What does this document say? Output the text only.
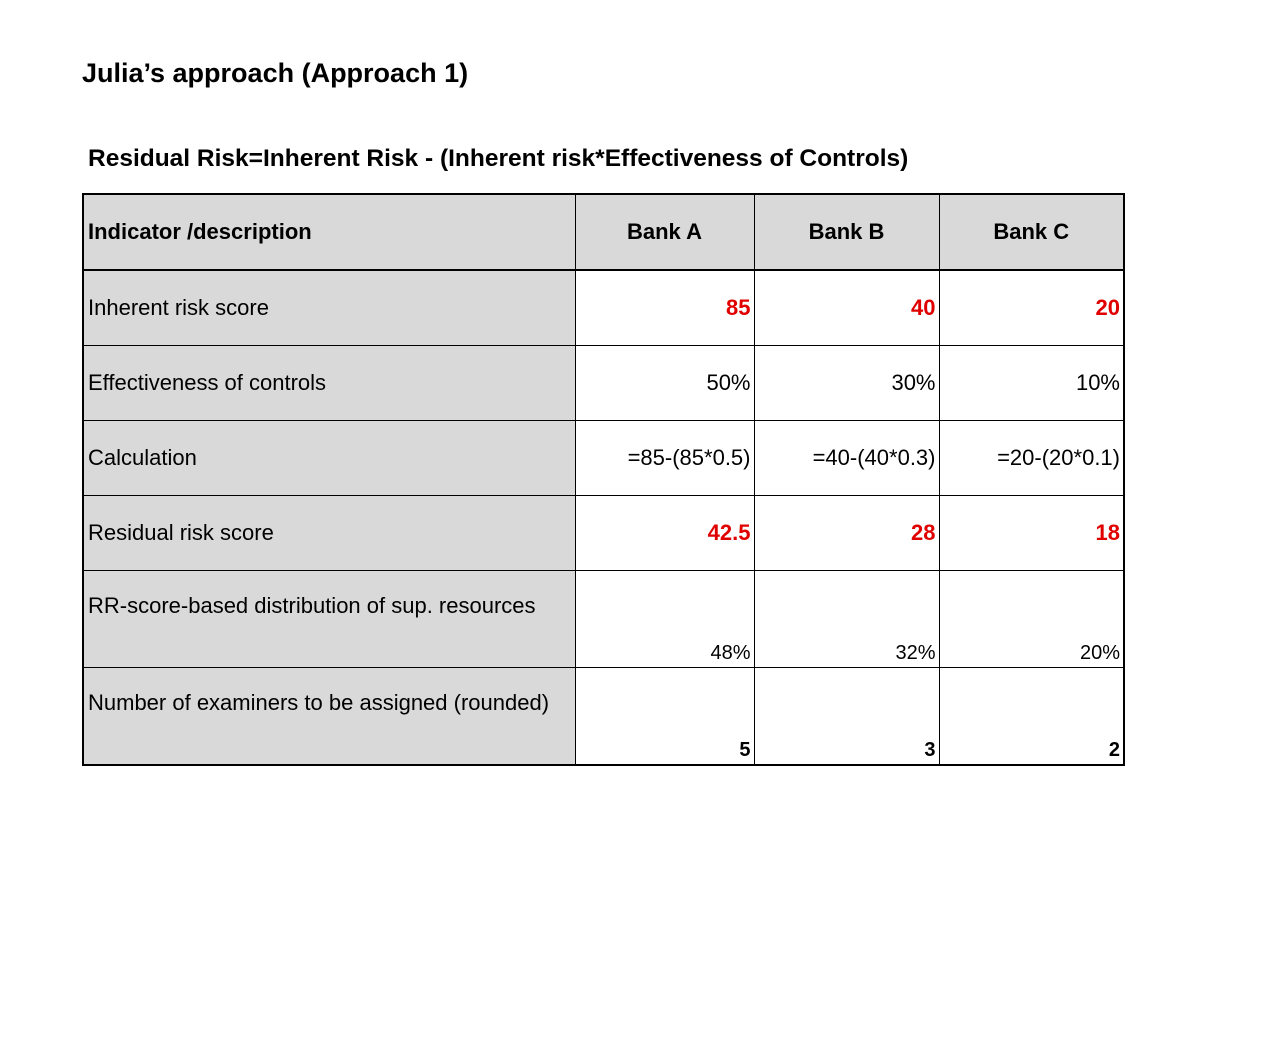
Julia’s approach (Approach 1)
Residual Risk=Inherent Risk - (Inherent risk*Effectiveness of Controls)
Indicator /description	Bank A	Bank B	Bank C
Inherent risk score	85	40	20
Effectiveness of controls	50%	30%	10%
Calculation	=85-(85*0.5)	=40-(40*0.3)	=20-(20*0.1)
Residual risk score	42.5	28	18
RR-score-based distribution of sup. resources	48%	32%	20%
Number of examiners to be assigned (rounded)	5	3	2
